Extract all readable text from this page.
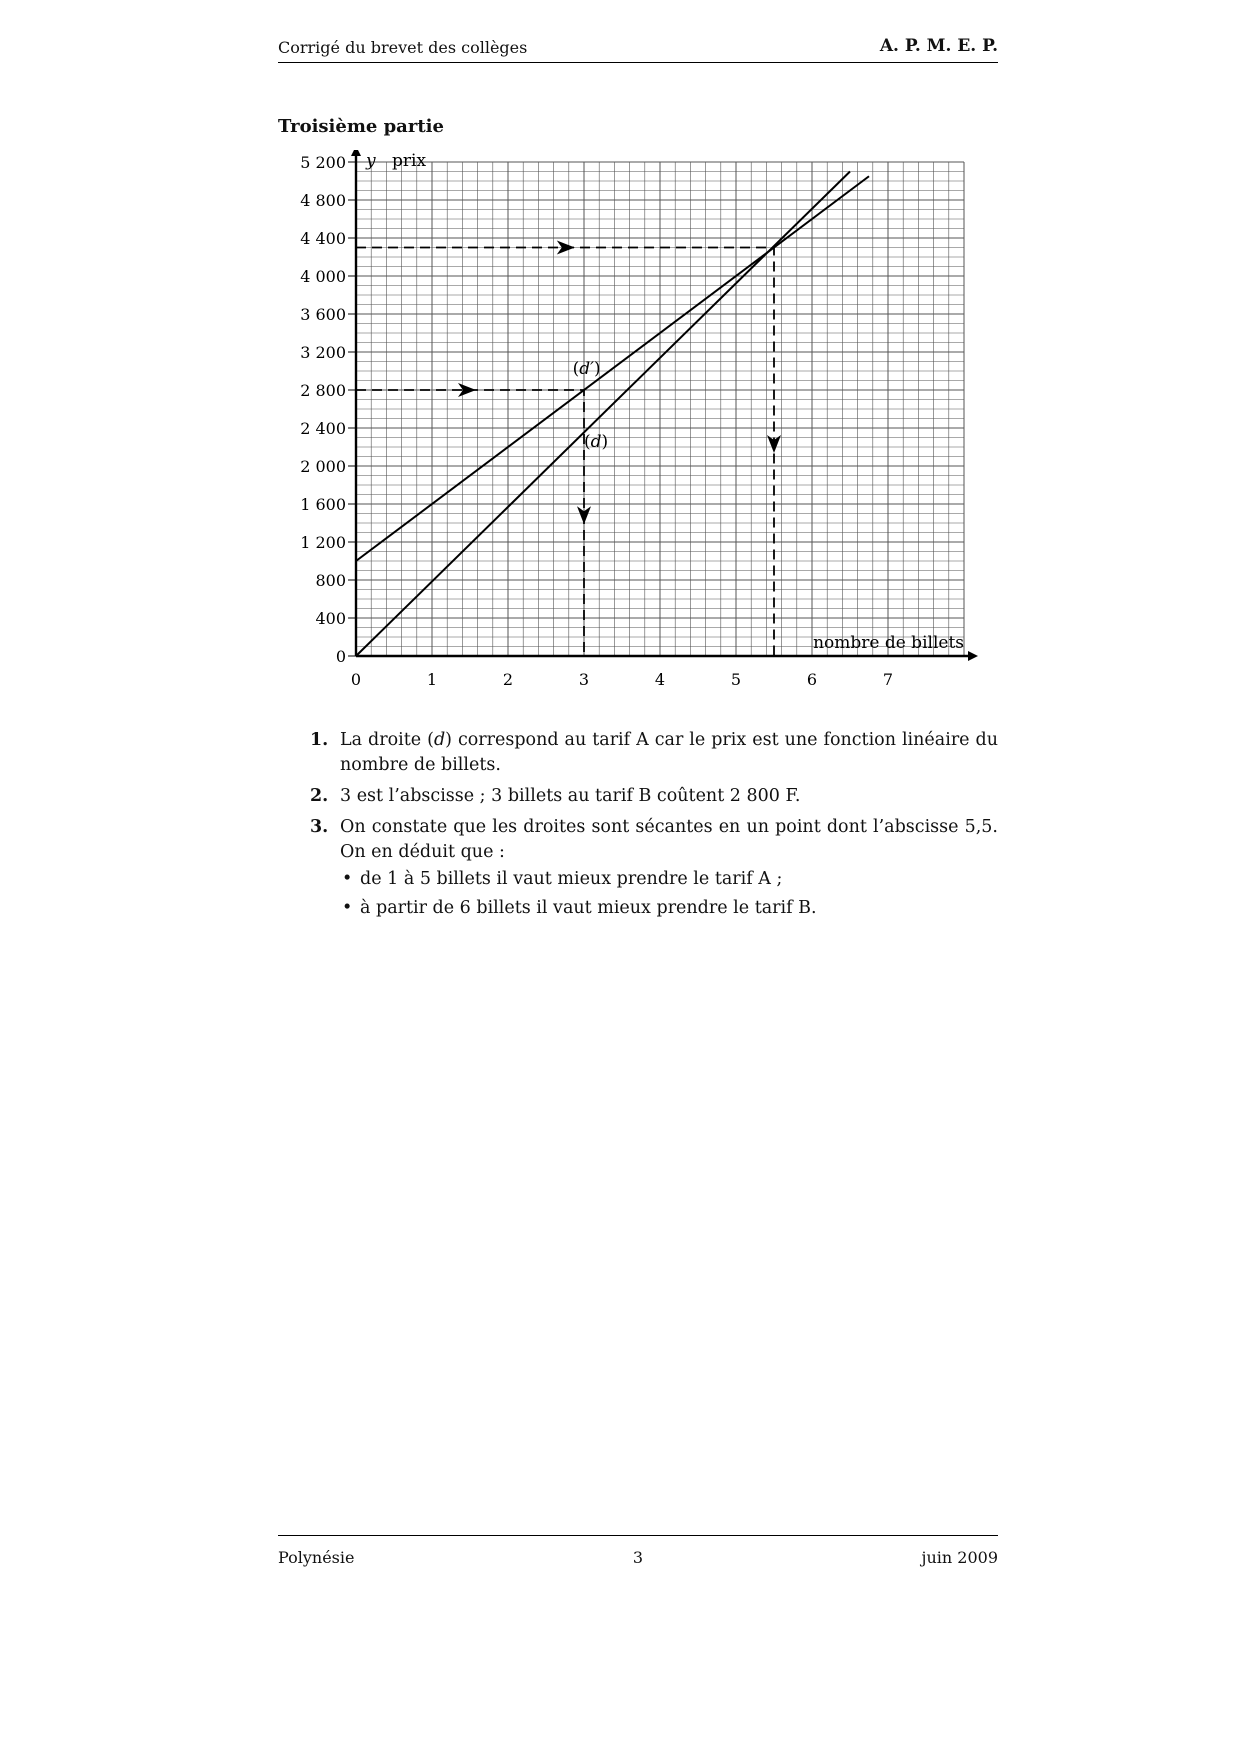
Corrigé du brevet des collèges	A. P. M. E. P.
Troisième partie
0	1	2	3	4	5	6	7
0
400
800
1 200
1 600
2 000
2 400
2 800
3 200
3 600
4 000
4 400
4 800
5 200 y prix
nombre de billets
(d)
(d′)
1. La droite (d) correspond au tarif A car le prix est une fonction linéaire du nombre de billets.
2. 3 est l’abscisse ; 3 billets au tarif B coûtent 2 800 F.
3. On constate que les droites sont sécantes en un point dont l’abscisse 5,5. On en déduit que :
• de 1 à 5 billets il vaut mieux prendre le tarif A ;
• à partir de 6 billets il vaut mieux prendre le tarif B.
Polynésie	3	juin 2009
